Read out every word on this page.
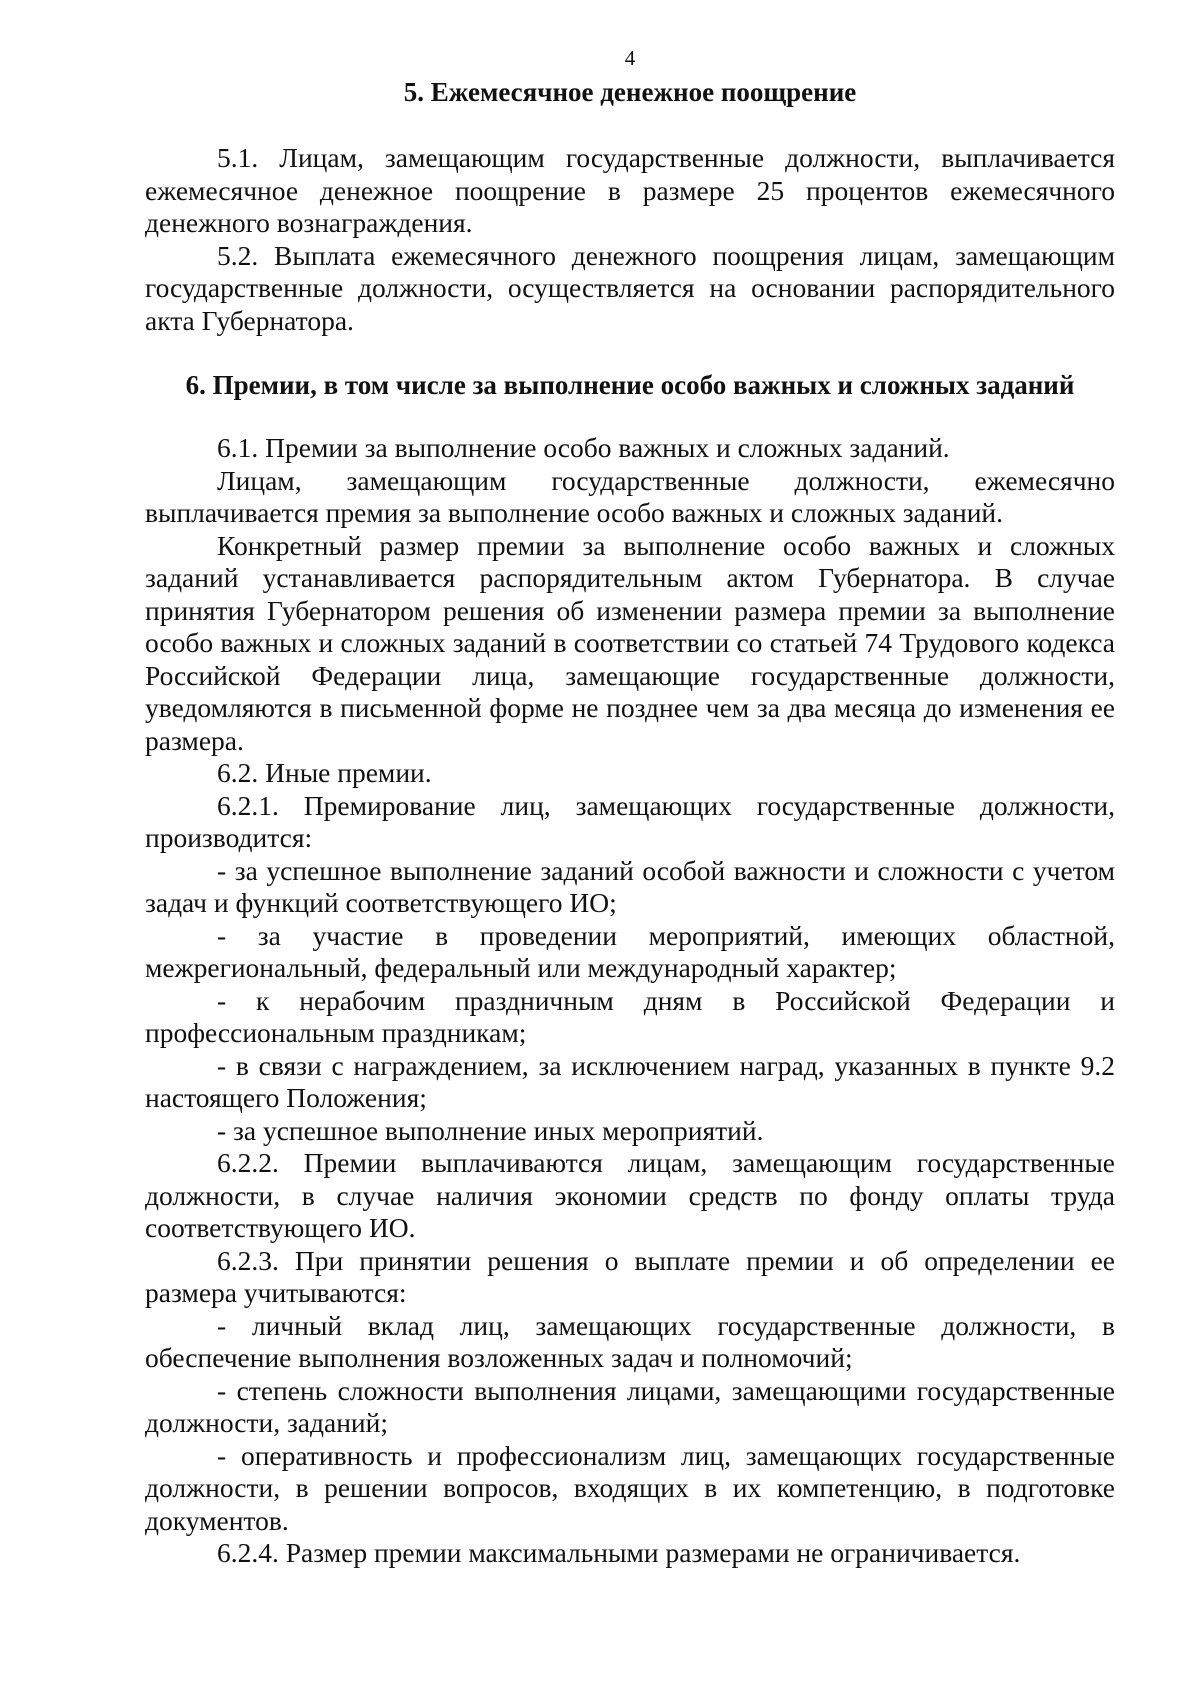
4
5. Ежемесячное денежное поощрение

5.1. Лицам, замещающим государственные должности, выплачивается ежемесячное денежное поощрение в размере 25 процентов ежемесячного денежного вознаграждения.

5.2. Выплата ежемесячного денежного поощрения лицам, замещающим государственные должности, осуществляется на основании распорядительного акта Губернатора.

6. Премии, в том числе за выполнение особо важных и сложных заданий

6.1. Премии за выполнение особо важных и сложных заданий.

Лицам, замещающим государственные должности, ежемесячно выплачивается премия за выполнение особо важных и сложных заданий.

Конкретный размер премии за выполнение особо важных и сложных заданий устанавливается распорядительным актом Губернатора. В случае принятия Губернатором решения об изменении размера премии за выполнение особо важных и сложных заданий в соответствии со статьей 74 Трудового кодекса Российской Федерации лица, замещающие государственные должности, уведомляются в письменной форме не позднее чем за два месяца до изменения ее размера.

6.2. Иные премии.

6.2.1. Премирование лиц, замещающих государственные должности, производится:

- за успешное выполнение заданий особой важности и сложности с учетом задач и функций соответствующего ИО;

- за участие в проведении мероприятий, имеющих областной, межрегиональный, федеральный или международный характер;

- к нерабочим праздничным дням в Российской Федерации и профессиональным праздникам;

- в связи с награждением, за исключением наград, указанных в пункте 9.2 настоящего Положения;

- за успешное выполнение иных мероприятий.

6.2.2. Премии выплачиваются лицам, замещающим государственные должности, в случае наличия экономии средств по фонду оплаты труда соответствующего ИО.

6.2.3. При принятии решения о выплате премии и об определении ее размера учитываются:

- личный вклад лиц, замещающих государственные должности, в обеспечение выполнения возложенных задач и полномочий;

- степень сложности выполнения лицами, замещающими государственные должности, заданий;

- оперативность и профессионализм лиц, замещающих государственные должности, в решении вопросов, входящих в их компетенцию, в подготовке документов.

6.2.4. Размер премии максимальными размерами не ограничивается.
